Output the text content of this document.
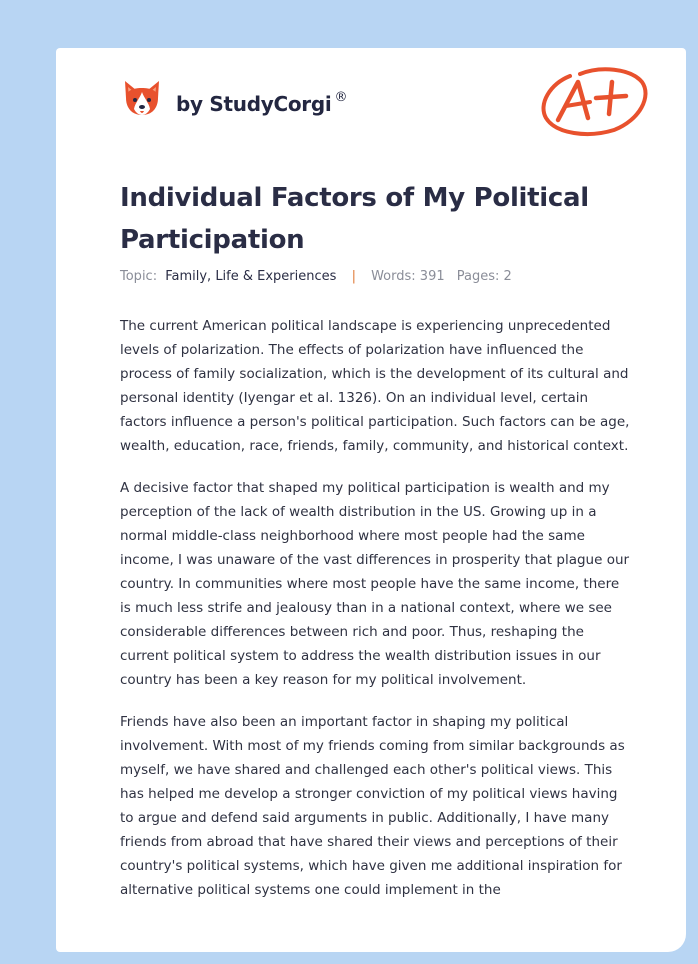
by StudyCorgi ®
Individual Factors of My Political Participation
Topic: Family, Life & Experiences | Words: 391 Pages: 2

The current American political landscape is experiencing unprecedented levels of polarization. The effects of polarization have influenced the process of family socialization, which is the development of its cultural and personal identity (Iyengar et al. 1326). On an individual level, certain factors influence a person's political participation. Such factors can be age, wealth, education, race, friends, family, community, and historical context.

A decisive factor that shaped my political participation is wealth and my perception of the lack of wealth distribution in the US. Growing up in a normal middle-class neighborhood where most people had the same income, I was unaware of the vast differences in prosperity that plague our country. In communities where most people have the same income, there is much less strife and jealousy than in a national context, where we see considerable differences between rich and poor. Thus, reshaping the current political system to address the wealth distribution issues in our country has been a key reason for my political involvement.

Friends have also been an important factor in shaping my political involvement. With most of my friends coming from similar backgrounds as myself, we have shared and challenged each other's political views. This has helped me develop a stronger conviction of my political views having to argue and defend said arguments in public. Additionally, I have many friends from abroad that have shared their views and perceptions of their country's political systems, which have given me additional inspiration for alternative political systems one could implement in the
